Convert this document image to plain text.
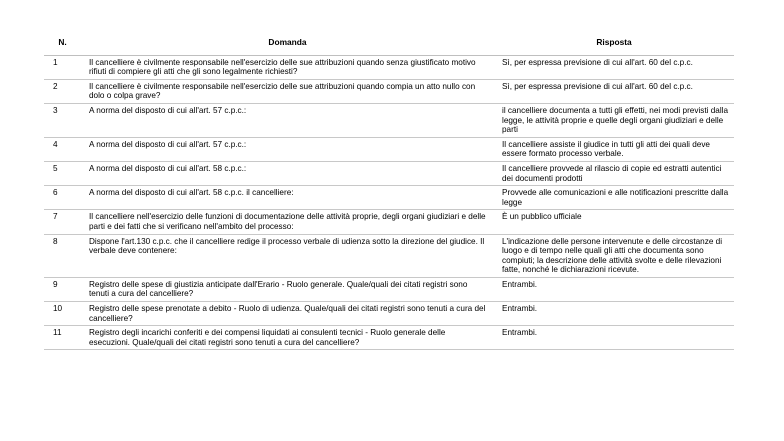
N.	Domanda	Risposta
1	Il cancelliere è civilmente responsabile nell'esercizio delle sue attribuzioni quando senza giustificato motivo rifiuti di compiere gli atti che gli sono legalmente richiesti?	Sì, per espressa previsione di cui all'art. 60 del c.p.c.
2	Il cancelliere è civilmente responsabile nell'esercizio delle sue attribuzioni quando compia un atto nullo con dolo o colpa grave?	Sì, per espressa previsione di cui all'art. 60 del c.p.c.
3	A norma del disposto di cui all'art. 57 c.p.c.:	il cancelliere documenta a tutti gli effetti, nei modi previsti dalla legge, le attività proprie e quelle degli organi giudiziari e delle parti
4	A norma del disposto di cui all'art. 57 c.p.c.:	Il cancelliere assiste il giudice in tutti gli atti dei quali deve essere formato processo verbale.
5	A norma del disposto di cui all'art. 58 c.p.c.:	Il cancelliere provvede al rilascio di copie ed estratti autentici dei documenti prodotti
6	A norma del disposto di cui all'art. 58 c.p.c. il cancelliere:	Provvede alle comunicazioni e alle notificazioni prescritte dalla legge
7	Il cancelliere nell'esercizio delle funzioni di documentazione delle attività proprie, degli organi giudiziari e delle parti e dei fatti che si verificano nell'ambito del processo:	È un pubblico ufficiale
8	Dispone l'art.130 c.p.c. che il cancelliere redige il processo verbale di udienza sotto la direzione del giudice. Il verbale deve contenere:	L'indicazione delle persone intervenute e delle circostanze di luogo e di tempo nelle quali gli atti che documenta sono compiuti; la descrizione delle attività svolte e delle rilevazioni fatte, nonché le dichiarazioni ricevute.
9	Registro delle spese di giustizia anticipate dall'Erario - Ruolo generale. Quale/quali dei citati registri sono tenuti a cura del cancelliere?	Entrambi.
10	Registro delle spese prenotate a debito - Ruolo di udienza. Quale/quali dei citati registri sono tenuti a cura del cancelliere?	Entrambi.
11	Registro degli incarichi conferiti e dei compensi liquidati ai consulenti tecnici - Ruolo generale delle esecuzioni. Quale/quali dei citati registri sono tenuti a cura del cancelliere?	Entrambi.
